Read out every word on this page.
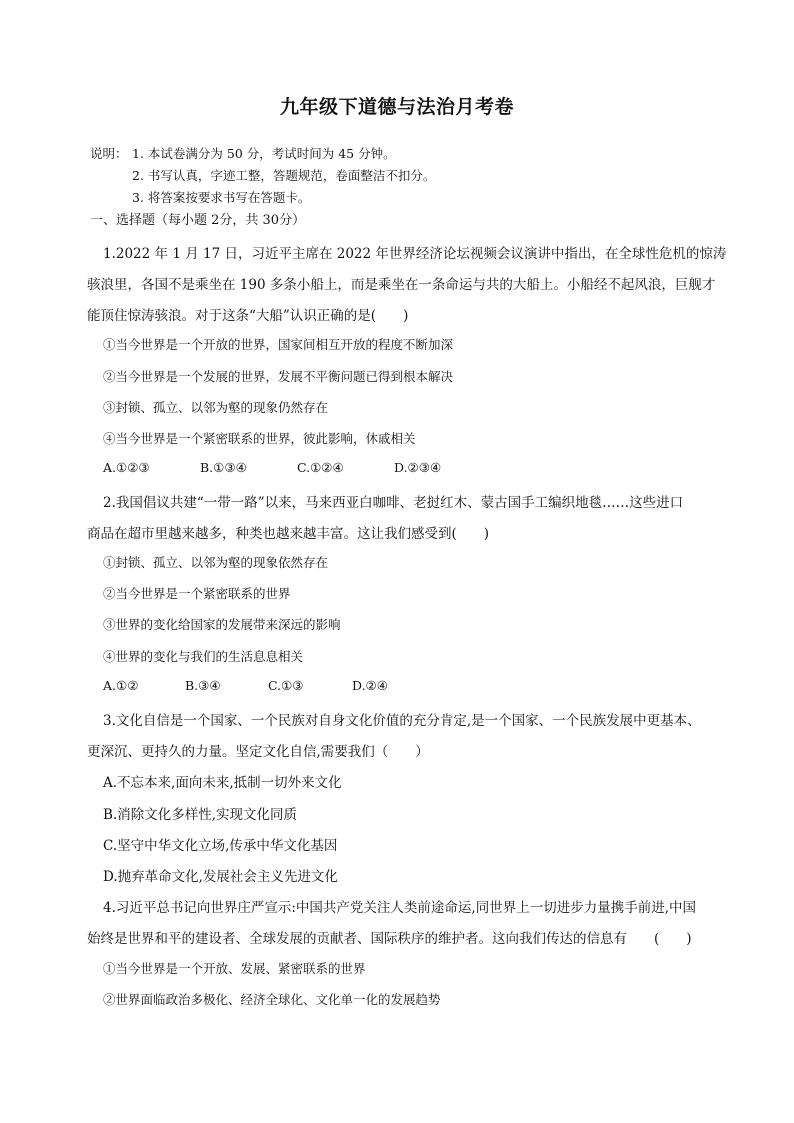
九年级下道德与法治月考卷
说明： 1. 本试卷满分为 50 分，考试时间为 45 分钟。
2. 书写认真，字迹工整，答题规范，卷面整洁不扣分。
3. 将答案按要求书写在答题卡。
一、选择题（每小题 2分，共 30分）
1.2022 年 1 月 17 日，习近平主席在 2022 年世界经济论坛视频会议演讲中指出，在全球性危机的惊涛
骇浪里，各国不是乘坐在 190 多条小船上，而是乘坐在一条命运与共的大船上。小船经不起风浪，巨舰才
能顶住惊涛骇浪。对于这条“大船”认识正确的是(　　)
①当今世界是一个开放的世界，国家间相互开放的程度不断加深
②当今世界是一个发展的世界，发展不平衡问题已得到根本解决
③封锁、孤立、以邻为壑的现象仍然存在
④当今世界是一个紧密联系的世界，彼此影响，休戚相关
A.①②③	B.①③④	C.①②④	D.②③④
2.我国倡议共建“一带一路”以来，马来西亚白咖啡、老挝红木、蒙古国手工编织地毯……这些进口
商品在超市里越来越多，种类也越来越丰富。这让我们感受到(　　)
①封锁、孤立、以邻为壑的现象依然存在
②当今世界是一个紧密联系的世界
③世界的变化给国家的发展带来深远的影响
④世界的变化与我们的生活息息相关
A.①②	B.③④	C.①③	D.②④
3.文化自信是一个国家、一个民族对自身文化价值的充分肯定,是一个国家、一个民族发展中更基本、
更深沉、更持久的力量。坚定文化自信,需要我们（　　）
A.不忘本来,面向未来,抵制一切外来文化
B.消除文化多样性,实现文化同质
C.坚守中华文化立场,传承中华文化基因
D.抛弃革命文化,发展社会主义先进文化
4.习近平总书记向世界庄严宣示:中国共产党关注人类前途命运,同世界上一切进步力量携手前进,中国
始终是世界和平的建设者、全球发展的贡献者、国际秩序的维护者。这向我们传达的信息有　　(　　)
①当今世界是一个开放、发展、紧密联系的世界
②世界面临政治多极化、经济全球化、文化单一化的发展趋势
